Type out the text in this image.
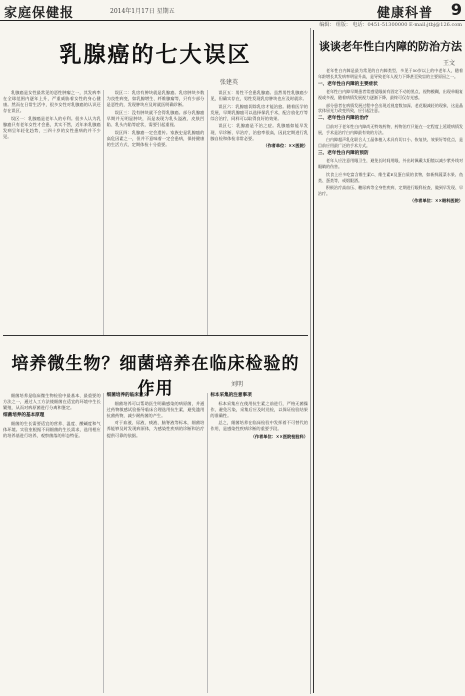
家庭保健报	2014年1月17日 星期五	健康科普 9
编辑： 组版： 电话：0451-51300000 E-mail:jtbj@126.com
乳腺癌的七大误区
张建英

乳腺癌是女性最常见的恶性肿瘤之一，其发病率在全球范围内逐年上升，严重威胁着女性的身心健康。然而在日常生活中，很多女性对乳腺癌的认识还存在误区。

误区一：乳腺癌是老年人的专利。很多人认为乳腺癌只有老年女性才会患，其实不然，近年来乳腺癌发病呈年轻化趋势，三四十岁的女性患病的并不少见。

误区二：乳房有肿块就是乳腺癌。乳房肿块多数为良性病变，如乳腺增生、纤维腺瘤等，只有少部分是恶性的，发现肿块应及时就医明确诊断。

误区三：没有肿块就不会得乳腺癌。部分乳腺癌早期并无明显肿块，而是表现为乳头溢液、皮肤凹陷、乳头内陷等症状，需要引起重视。

误区四：乳腺癌一定会遗传。家族史是乳腺癌的高危因素之一，但并不意味着一定会患病，保持健康的生活方式、定期体检十分重要。

误区五：男性不会患乳腺癌。虽然男性乳腺癌少见，但确实存在，男性发现乳房肿块也应及时就诊。

误区六：乳腺癌切除乳房才能治愈。随着医学的发展，早期乳腺癌可以选择保乳手术，配合放化疗等综合治疗，同样可以取得良好的效果。

误区七：乳腺癌是不治之症。乳腺癌如能早发现、早诊断、早治疗，治愈率很高，因此定期进行乳腺自检和体检非常必要。

（作者单位：××医院）

培养微生物？细菌培养在临床检验的作用	刘明

细菌培养是临床微生物检验中最基本、最重要的方法之一，通过人工方法使细菌在适宜的环境中生长繁殖，从而对病原菌进行分离和鉴定。

细菌培养的基本原理

细菌的生长需要适宜的营养、温度、酸碱度和气体环境。实验室根据不同细菌的生长需求，选用相应的培养基进行培养，观察菌落的形态特征。

细菌培养的临床意义

细菌培养可以帮助医生明确感染的病原菌，并通过药物敏感试验指导临床合理选用抗生素，避免滥用抗菌药物，减少耐药菌的产生。

对于血液、尿液、痰液、脑脊液等标本，细菌培养能够及时发现病原体，为感染性疾病的诊断和治疗提供可靠的依据。

标本采集的注意事项

标本采集应在使用抗生素之前进行，严格无菌操作，避免污染，采集后应及时送检，以保证检验结果的准确性。

总之，细菌培养在临床检验中发挥着不可替代的作用，是感染性疾病诊断的重要手段。

（作者单位：××医院检验科）

谈谈老年性白内障的防治方法
王文

老年性白内障是最为常见的白内障类型，多见于50岁以上的中老年人，随着年龄增长其发病率明显升高，是导致老年人视力下降甚至致盲的主要原因之一。

一、老年性白内障的主要症状

老年性白内障早期患者常感觉眼前有固定不动的黑点，视物模糊，出现单眼复视或多视，随着病情发展视力逐渐下降，最终可仅存光感。

部分患者在病情发展过程中会出现近视度数加深、老花眼减轻的现象，这是晶状体屈光力改变所致，应引起注意。

二、老年性白内障的治疗

目前对于老年性白内障尚无特效药物，药物治疗只能在一定程度上延缓病情发展，手术是治疗白内障最有效的方法。

白内障超声乳化联合人工晶体植入术具有切口小、恢复快、效果好等优点，是目前应用最广泛的手术方式。

三、老年性白内障的预防

老年人应注意用眼卫生，避免长时间用眼，外出时佩戴太阳镜以减少紫外线对眼睛的伤害。

饮食上应多吃富含维生素C、维生素E及蛋白质的食物，如新鲜蔬菜水果、鱼类、蛋类等，戒烟限酒。

积极治疗高血压、糖尿病等全身性疾病，定期进行眼科检查，做到早发现、早治疗。

（作者单位：××眼科医院）
